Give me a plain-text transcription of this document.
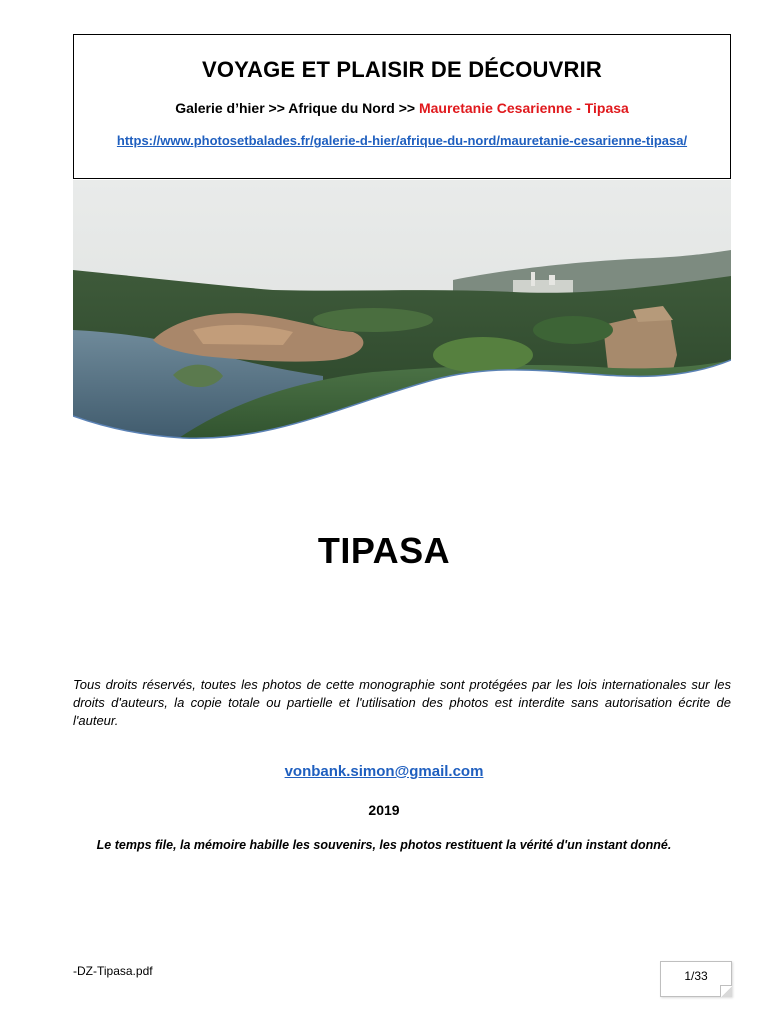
VOYAGE ET PLAISIR DE DÉCOUVRIR
Galerie d’hier >> Afrique du Nord >> Mauretanie Cesarienne - Tipasa
https://www.photosetbalades.fr/galerie-d-hier/afrique-du-nord/mauretanie-cesarienne-tipasa/
TIPASA
Tous droits réservés, toutes les photos de cette monographie sont protégées par les lois internationales sur les droits d'auteurs, la copie totale ou partielle et l'utilisation des photos est interdite sans autorisation écrite de l'auteur.
vonbank.simon@gmail.com
2019
Le temps file, la mémoire habille les souvenirs, les photos restituent la vérité d'un instant donné.
-DZ-Tipasa.pdf	1/33
